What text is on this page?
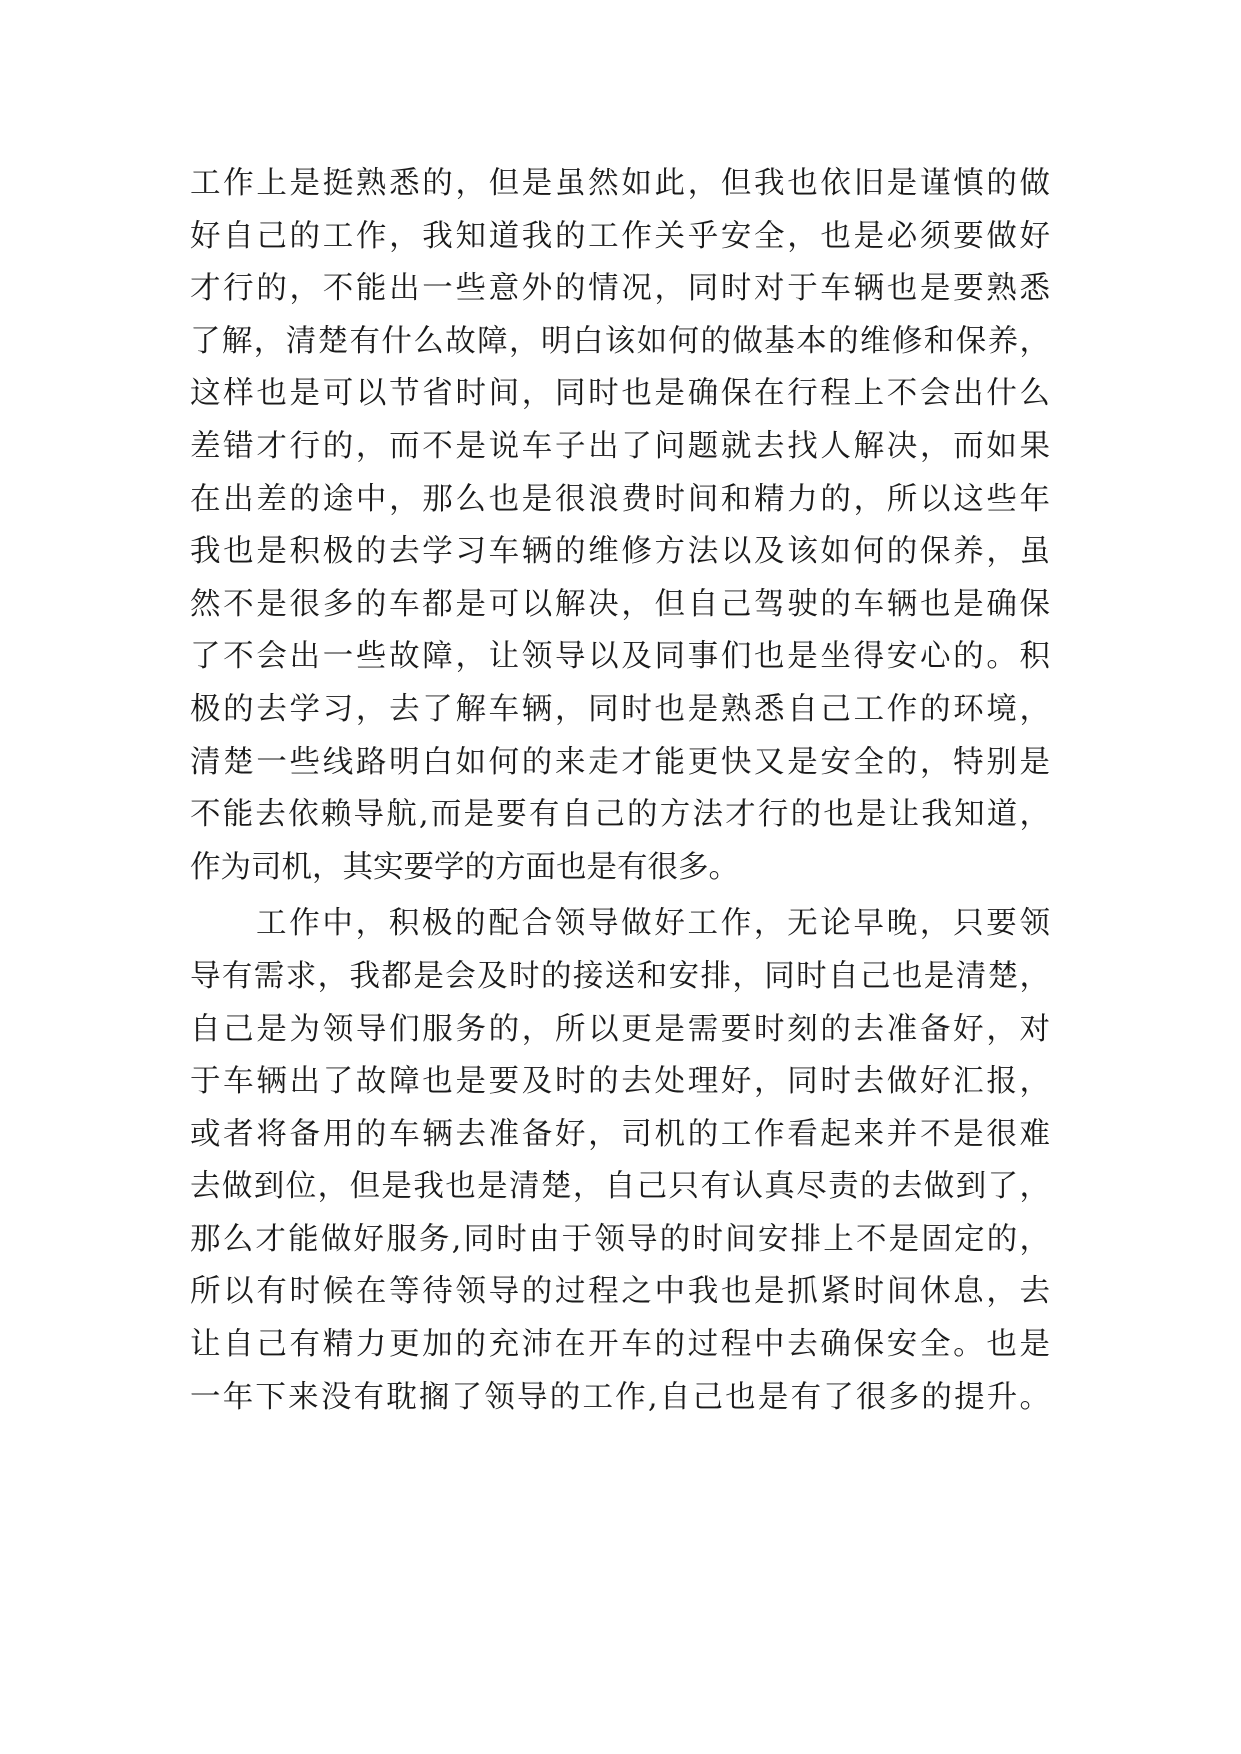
工作上是挺熟悉的，但是虽然如此，但我也依旧是谨慎的做
好自己的工作，我知道我的工作关乎安全，也是必须要做好
才行的，不能出一些意外的情况，同时对于车辆也是要熟悉
了解，清楚有什么故障，明白该如何的做基本的维修和保养，
这样也是可以节省时间，同时也是确保在行程上不会出什么
差错才行的，而不是说车子出了问题就去找人解决，而如果
在出差的途中，那么也是很浪费时间和精力的，所以这些年
我也是积极的去学习车辆的维修方法以及该如何的保养，虽
然不是很多的车都是可以解决，但自己驾驶的车辆也是确保
了不会出一些故障，让领导以及同事们也是坐得安心的。积
极的去学习，去了解车辆，同时也是熟悉自己工作的环境，
清楚一些线路明白如何的来走才能更快又是安全的，特别是
不能去依赖导航,而是要有自己的方法才行的也是让我知道，
作为司机，其实要学的方面也是有很多。
工作中，积极的配合领导做好工作，无论早晚，只要领
导有需求，我都是会及时的接送和安排，同时自己也是清楚，
自己是为领导们服务的，所以更是需要时刻的去准备好，对
于车辆出了故障也是要及时的去处理好，同时去做好汇报，
或者将备用的车辆去准备好，司机的工作看起来并不是很难
去做到位，但是我也是清楚，自己只有认真尽责的去做到了，
那么才能做好服务,同时由于领导的时间安排上不是固定的，
所以有时候在等待领导的过程之中我也是抓紧时间休息，去
让自己有精力更加的充沛在开车的过程中去确保安全。也是
一年下来没有耽搁了领导的工作,自己也是有了很多的提升。
